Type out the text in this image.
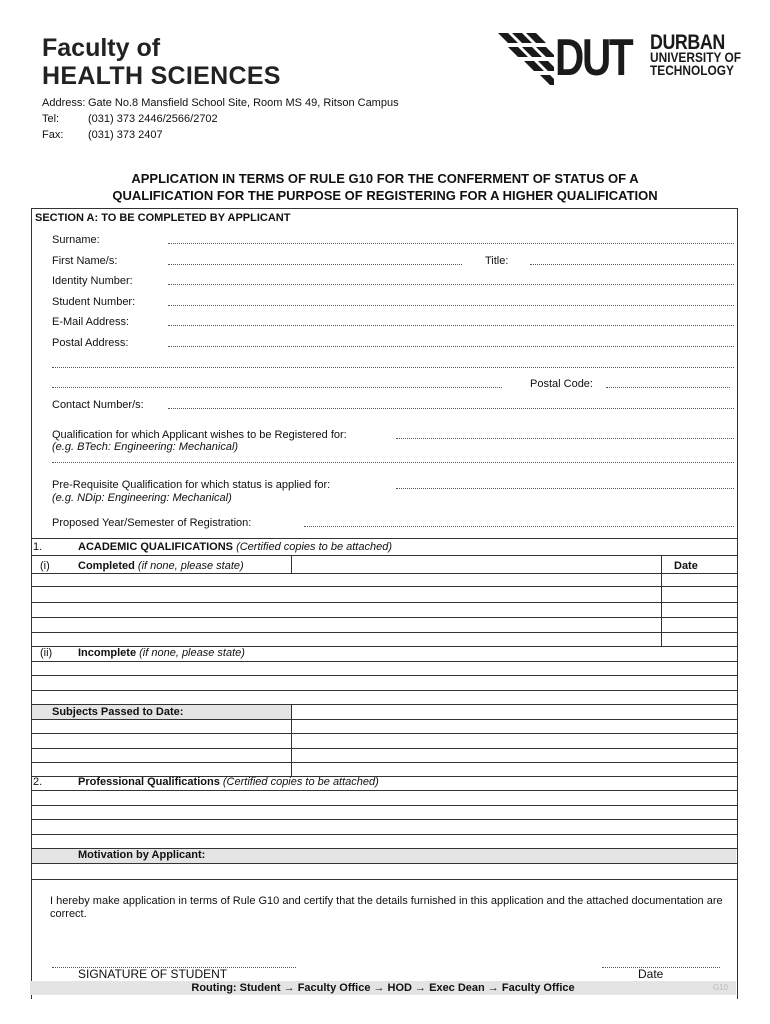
Faculty of
HEALTH SCIENCES
Address: Gate No.8 Mansfield School Site, Room MS 49, Ritson Campus
Tel:	(031) 373 2446/2566/2702
Fax:	(031) 373 2407
DUT DURBAN
UNIVERSITY OF
TECHNOLOGY
APPLICATION IN TERMS OF RULE G10 FOR THE CONFERMENT OF STATUS OF A
QUALIFICATION FOR THE PURPOSE OF REGISTERING FOR A HIGHER QUALIFICATION
SECTION A: TO BE COMPLETED BY APPLICANT
Surname:
First Name/s:	Title:
Identity Number:
Student Number:
E-Mail Address:
Postal Address:
Postal Code:
Contact Number/s:
Qualification for which Applicant wishes to be Registered for:
(e.g. BTech: Engineering: Mechanical)
Pre-Requisite Qualification for which status is applied for:
(e.g. NDip: Engineering: Mechanical)
Proposed Year/Semester of Registration:
1.	ACADEMIC QUALIFICATIONS (Certified copies to be attached)
(i)	Completed (if none, please state)	Date
(ii) Incomplete (if none, please state)
Subjects Passed to Date:
2.	Professional Qualifications (Certified copies to be attached)
Motivation by Applicant:
I hereby make application in terms of Rule G10 and certify that the details furnished in this application and the attached documentation are correct.
SIGNATURE OF STUDENT	Date
Routing: Student → Faculty Office → HOD → Exec Dean → Faculty Office	G10
